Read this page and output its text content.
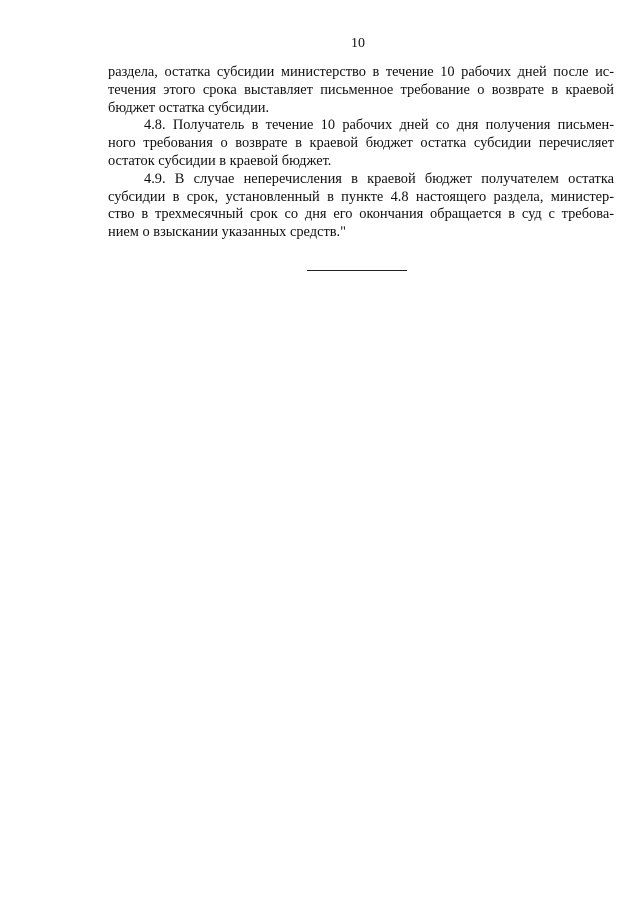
10
раздела, остатка субсидии министерство в течение 10 рабочих дней после ис-
течения этого срока выставляет письменное требование о возврате в краевой
бюджет остатка субсидии.
4.8. Получатель в течение 10 рабочих дней со дня получения письмен-
ного требования о возврате в краевой бюджет остатка субсидии перечисляет
остаток субсидии в краевой бюджет.
4.9. В случае неперечисления в краевой бюджет получателем остатка
субсидии в срок, установленный в пункте 4.8 настоящего раздела, министер-
ство в трехмесячный срок со дня его окончания обращается в суд с требова-
нием о взыскании указанных средств."
